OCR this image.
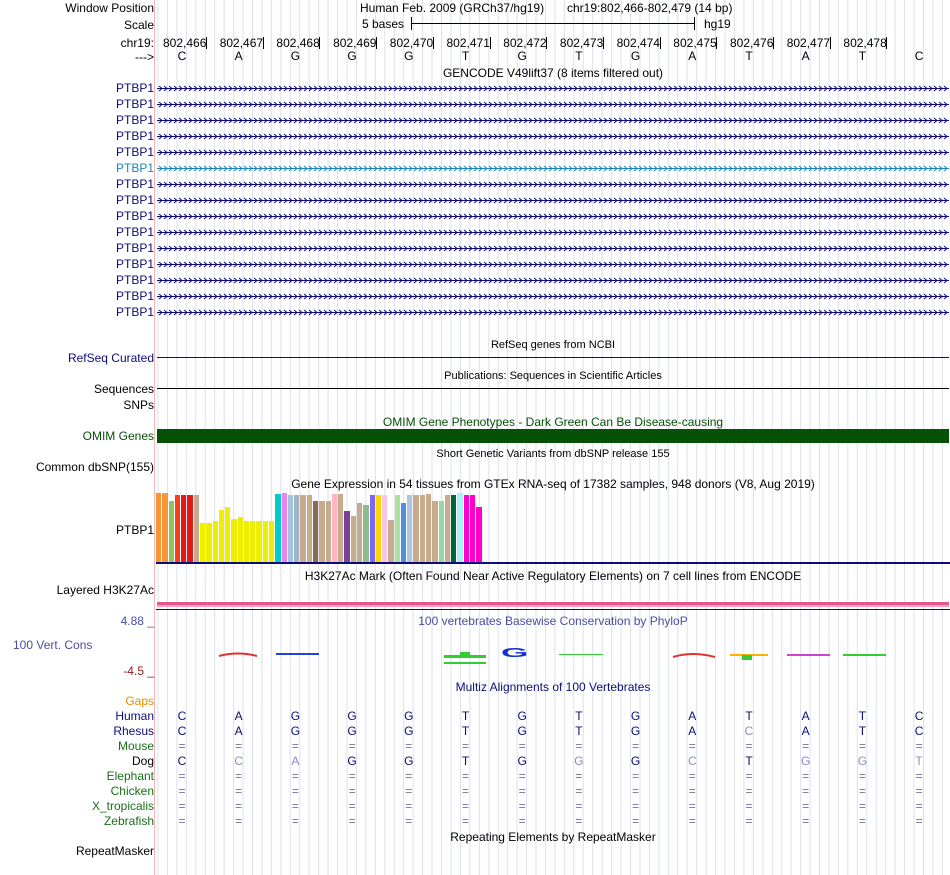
Window Position	Human Feb. 2009 (GRCh37/hg19) chr19:802,466-802,479 (14 bp)
Scale	5 bases	hg19
chr19: 802,466 802,467 802,468 802,469 802,470 802,471 802,472 802,473 802,474 802,475 802,476 802,477 802,478
--->	C	A	G	G	G	T	G	T	G	A	T	A	T	C
GENCODE V49lift37 (8 items filtered out)
PTBP1
PTBP1
PTBP1
PTBP1
PTBP1
PTBP1
PTBP1
PTBP1
PTBP1
PTBP1
PTBP1
PTBP1
PTBP1
PTBP1
PTBP1
RefSeq genes from NCBI
RefSeq Curated
Publications: Sequences in Scientific Articles
Sequences
SNPs
OMIM Gene Phenotypes - Dark Green Can Be Disease-causing
OMIM Genes
Short Genetic Variants from dbSNP release 155
Common dbSNP(155)
Gene Expression in 54 tissues from GTEx RNA-seq of 17382 samples, 948 donors (V8, Aug 2019)
PTBP1
H3K27Ac Mark (Often Found Near Active Regulatory Elements) on 7 cell lines from ENCODE
Layered H3K27Ac
100 vertebrates Basewise Conservation by PhyloP
4.88 _
100 Vert. Cons
-4.5 _
G
Multiz Alignments of 100 Vertebrates
Gaps
Human	C	A	G	G	G	T	G	T	G	A	T	A	T	C
Rhesus	C	A	G	G	G	T	G	T	G	A	C	A	T	C
Mouse	=	=	=	=	=	=	=	=	=	=	=	=	=	=
Dog	C	C	A	G	G	T	G	G	G	C	T	G	G	T
Elephant	=	=	=	=	=	=	=	=	=	=	=	=	=	=
Chicken	=	=	=	=	=	=	=	=	=	=	=	=	=	=
X_tropicalis	=	=	=	=	=	=	=	=	=	=	=	=	=	=
Zebrafish	=	=	=	=	=	=	=	=	=	=	=	=	=	=
Repeating Elements by RepeatMasker
RepeatMasker
